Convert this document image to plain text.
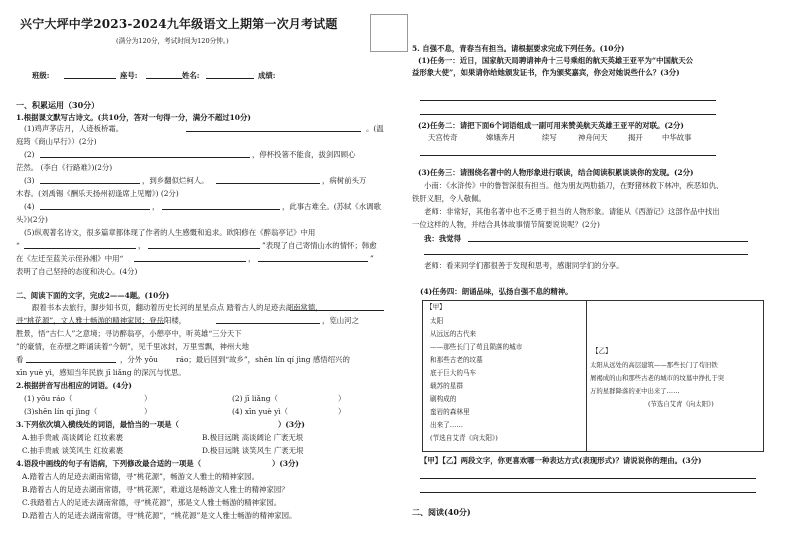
兴宁大坪中学2023-2024九年级语文上期第一次月考试题
(满分为120分，考试时间为120分钟。)
班级:	座号:	姓名:	成绩:
一、积累运用（30分）
1.根据课文默写古诗文。(共10分，答对一句得一分，满分不超过10分)
(1)鸡声茅店月，人迹板桥霜。	。(温
庭筠《商山早行》）(2分)
(2)	，停杯投箸不能食，拔剑四顾心
茫然。 (李白《行路难》)(2分)
(3)	，到乡翻似烂柯人。	，病树前头万
木春。(刘禹锡《酬乐天扬州初逢席上见赠》) (2分)
(4)	，	，此事古难全。(苏轼《水调歌
头》)(2分)
(5)纵观著名诗文，很多篇章都体现了作者的人生感慨和追求。欧阳修在《醉翁亭记》中用
“	，	”表现了自己寄情山水的情怀；韩愈
在《左迁至蓝关示侄孙湘》中用“	，	”
表明了自己坚持的态度和决心。(4分)
二、阅读下面的文字，完成2——4题。(10分)
跟着书本去旅行，脚步知书页，翻动着历史长河的星星点点 踏着古人的足迹去湖南常德，
寻“桃花源”，文人雅士畅游的精神家园；登岳阳楼，	，览山河之
胜景，悟“古仁人”之意境；寻访醉翁亭，小憩亭中，听英雄“三分天下
”的豪情，在赤壁之畔诵读着“今朝”，见千里冰封，万里雪飘，神州大地
看	，分外 yōu ráo；最后回到“故乡”，shēn lín qí jìng 感悟绍兴的
xīn yuè yì，感知当年民族 jī liǎng 的深沉与忧思。
2.根据拼音写出相应的词语。(4分)
(1) yōu ráo（	）	(2) jī liǎng（	）
(3)shēn lín qí jìng（	）	(4) xīn yuè yì（	）
3.下列依次填入横线处的词语，最恰当的一项是（	）(3分)
A.抽手贵戚 高谈阔论 红妆素裹	B.极目远眺 高谈阔论 广袤无垠
C.抽手贵戚 谈笑风生 红妆素裹	D.极目远眺 谈笑风生 广袤无垠
4.语段中画线的句子有语病，下列修改最合适的一项是（	）(3分)
A.踏着古人的足迹去湖南常德，寻“桃花源”，畅游文人雅士的精神家园。
B.踏着古人的足迹去湖南常德，寻“桃花源”，难道这是畅游文人雅士的精神家园？
C.我踏着古人的足迹去湖南常德，寻“桃花源”，那是文人雅士畅游的精神家园。
D.踏着古人的足迹去湖南常德，寻“桃花源”，“桃花源”是文人雅士畅游的精神家园。
5. 自强不息，青春当有担当。请根据要求完成下列任务。(10分)
(1)任务一：近日，国家航天局聘请神舟十三号乘组的航天英雄王亚平为“中国航天公
益形象大使”，如果请你给她颁发证书，作为颁奖嘉宾，你会对她说些什么？(3分)
(2)任务二：请把下面6个词语组成一副可用来赞美航天英雄王亚平的对联。(2分)
天宫传奇	嫦娥奔月	续写	神舟问天	揭开	中华故事
(3)任务三：请围绕名著中的人物形象进行联读，结合阅读积累谈谈你的发现。(2分)
小南：《水浒传》中的鲁智深很有担当。他为朋友两肋插刀，在野猪林救下林冲，疾恶如仇、
铁肝义胆，令人敬佩。
老师：非常好，其他名著中也不乏勇于担当的人物形象。请能从《西游记》这部作品中找出
一位这样的人物，并结合具体故事情节简要说说呢？(2分)
我：我觉得
老师：看来同学们都很善于发现和思考，感谢同学们的分享。
(4)任务四：朗诵品味，弘扬自强不息的精神。
【甲】
太阳
从远远的古代来
——那些长门了苟且陨落的城市
和那些古老的坟墓
底于巨大的马车
载苏的星群
刷构成的
蛮岩的森林里
出来了……
(节选自艾青《向太阳》)
【乙】
太阳从远处的高层建筑——那些长门了苟旧铁
屑褐成的山和那些古老的城市的坟墓中挣扎于突
万的星群降落的亚中出来了……
(节选自艾青《向太阳》)
【甲】【乙】两段文字，你更喜欢哪一种表达方式(表现形式)？请说说你的理由。(3分)
二、阅读(40分)
